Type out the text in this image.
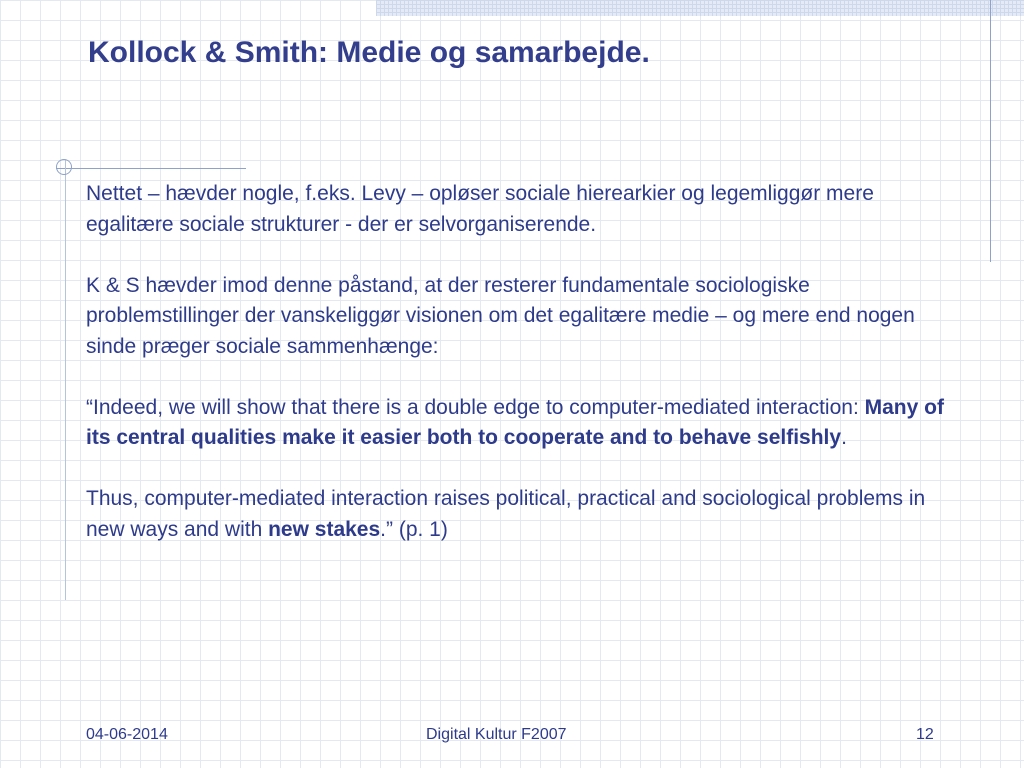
Kollock & Smith: Medie og samarbejde.

Nettet – hævder nogle, f.eks. Levy – opløser sociale hierearkier og legemliggør mere egalitære sociale strukturer - der er selvorganiserende.

K & S hævder imod denne påstand, at der resterer fundamentale sociologiske problemstillinger der vanskeliggør visionen om det egalitære medie – og mere end nogen sinde præger sociale sammenhænge:

“Indeed, we will show that there is a double edge to computer-mediated interaction: Many of its central qualities make it easier both to cooperate and to behave selfishly.

Thus, computer-mediated interaction raises political, practical and sociological problems in new ways and with new stakes.” (p. 1)

04-06-2014	Digital Kultur F2007	12
